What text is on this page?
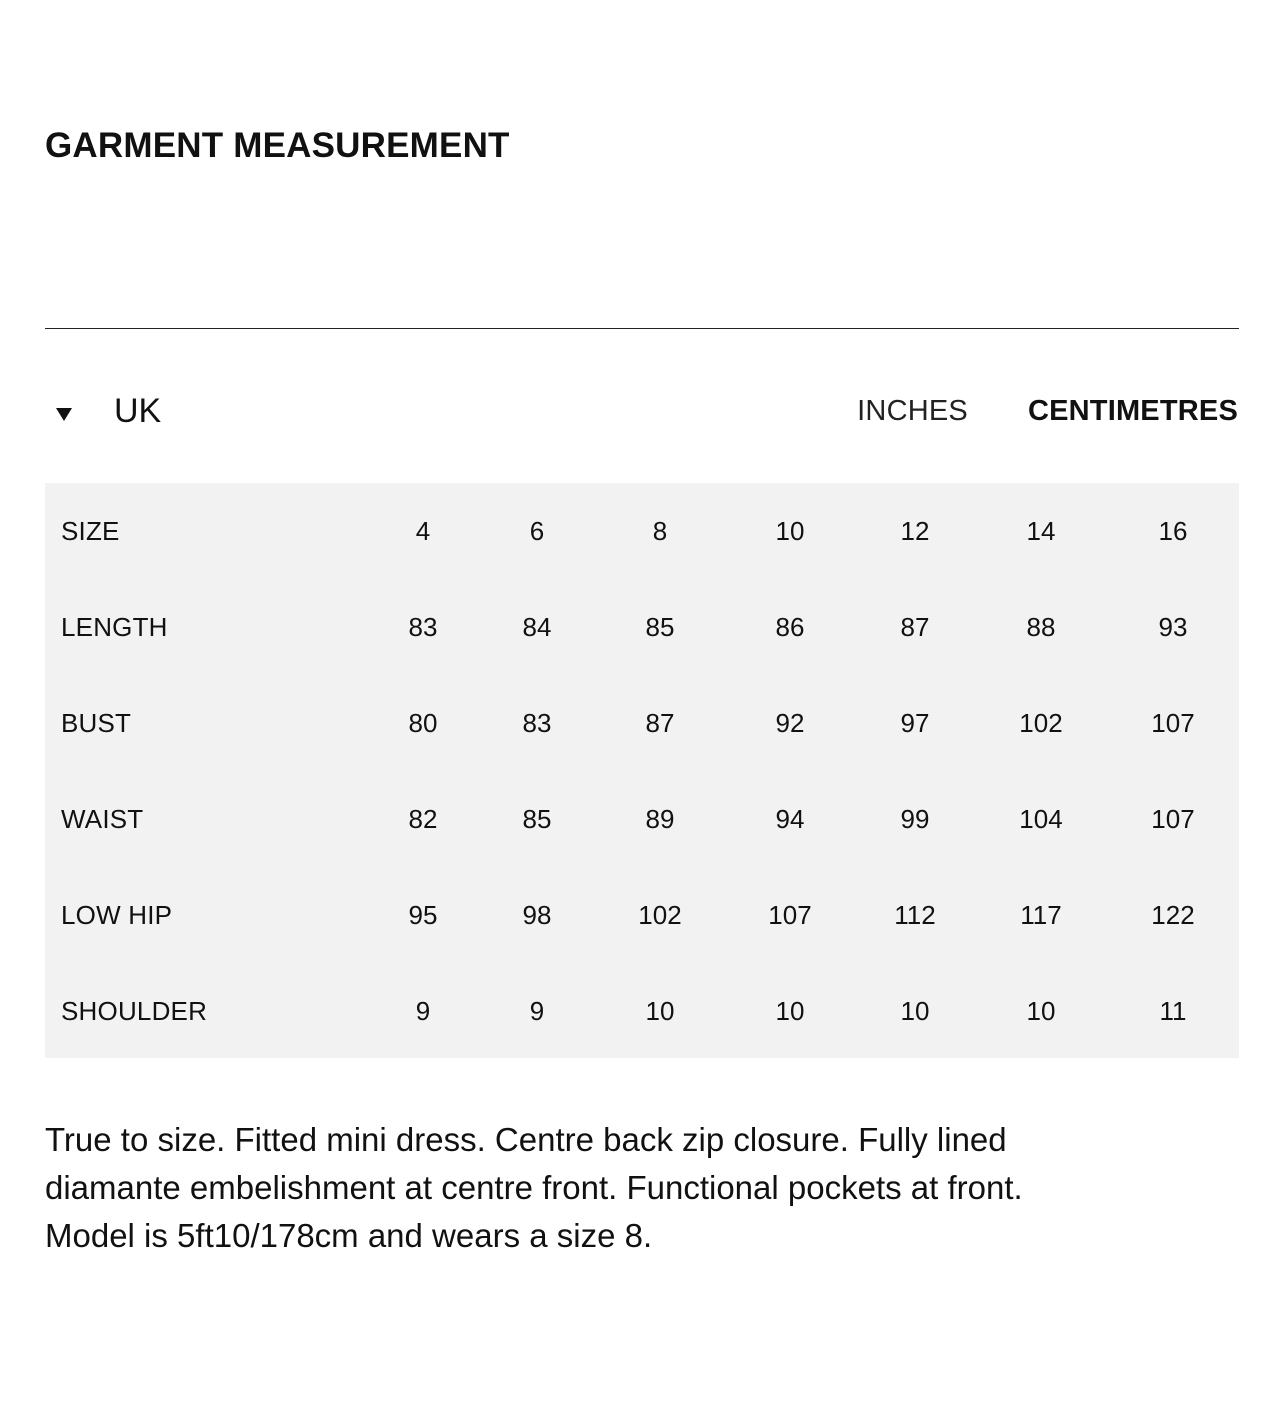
GARMENT MEASUREMENT
UK	INCHES CENTIMETRES
SIZE	4	6	8	10	12	14	16
LENGTH	83	84	85	86	87	88	93
BUST	80	83	87	92	97	102	107
WAIST	82	85	89	94	99	104	107
LOW HIP	95	98	102	107	112	117	122
SHOULDER	9	9	10	10	10	10	11

True to size. Fitted mini dress. Centre back zip closure. Fully lined diamante embelishment at centre front. Functional pockets at front. Model is 5ft10/178cm and wears a size 8.
